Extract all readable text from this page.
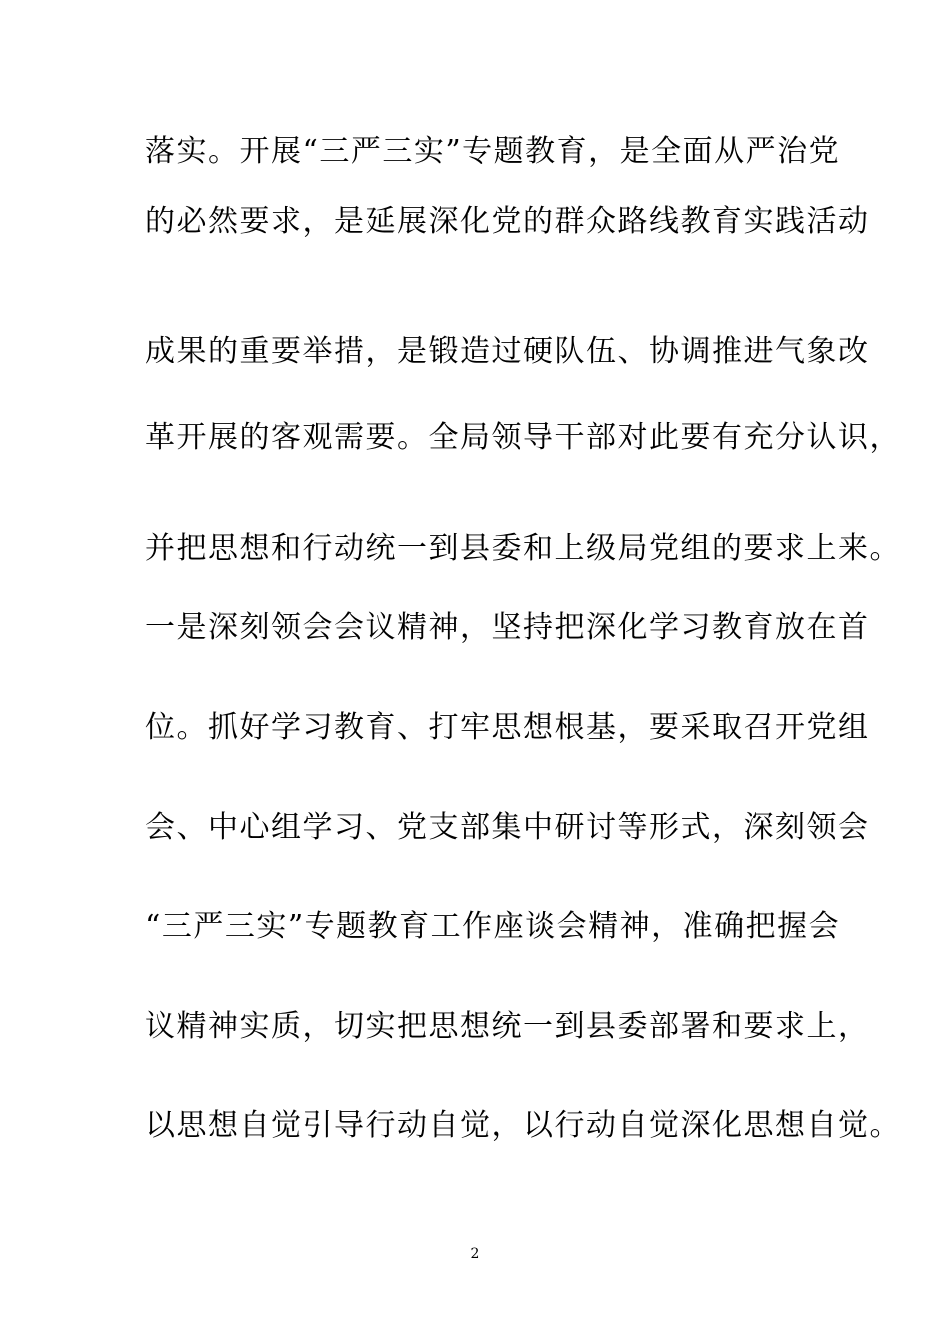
落实。开展“三严三实”专题教育，是全面从严治党
的必然要求，是延展深化党的群众路线教育实践活动
成果的重要举措，是锻造过硬队伍、协调推进气象改
革开展的客观需要。全局领导干部对此要有充分认识，
并把思想和行动统一到县委和上级局党组的要求上来。
一是深刻领会会议精神，坚持把深化学习教育放在首
位。抓好学习教育、打牢思想根基，要采取召开党组
会、中心组学习、党支部集中研讨等形式，深刻领会
“三严三实”专题教育工作座谈会精神，准确把握会
议精神实质，切实把思想统一到县委部署和要求上，
以思想自觉引导行动自觉，以行动自觉深化思想自觉。
2
